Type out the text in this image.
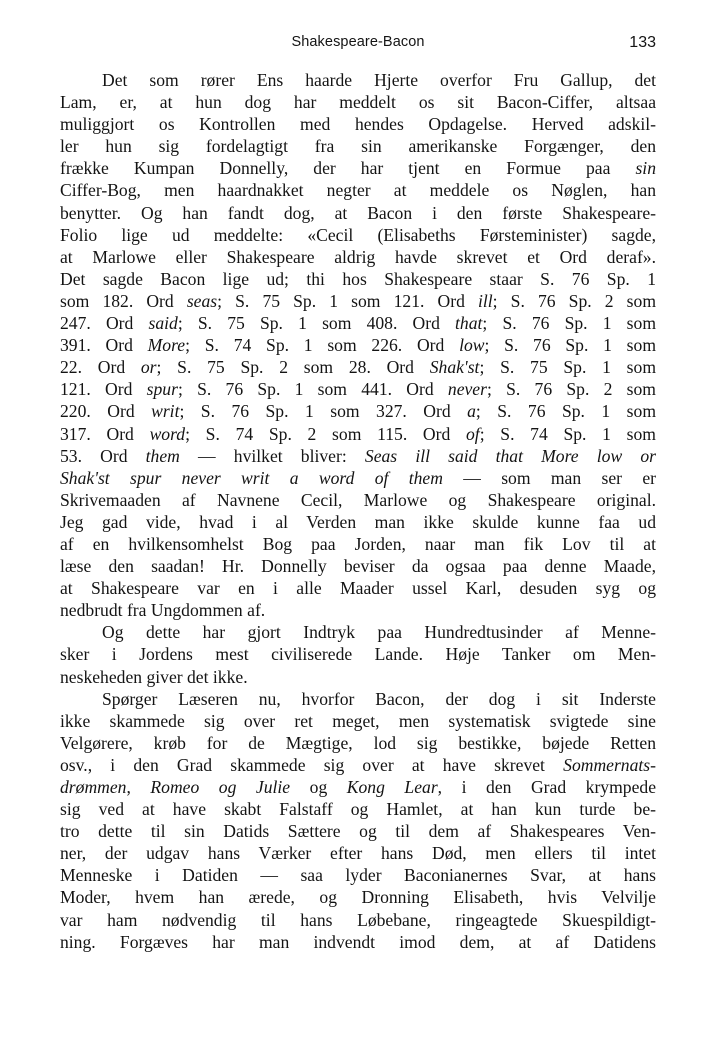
Shakespeare-Bacon	133
Det som rører Ens haarde Hjerte overfor Fru Gallup, det
Lam, er, at hun dog har meddelt os sit Bacon-Ciffer, altsaa
muliggjort os Kontrollen med hendes Opdagelse. Herved adskil-
ler hun sig fordelagtigt fra sin amerikanske Forgænger, den
frække Kumpan Donnelly, der har tjent en Formue paa sin
Ciffer-Bog, men haardnakket negter at meddele os Nøglen, han
benytter. Og han fandt dog, at Bacon i den første Shakespeare-
Folio lige ud meddelte: «Cecil (Elisabeths Førsteminister) sagde,
at Marlowe eller Shakespeare aldrig havde skrevet et Ord deraf».
Det sagde Bacon lige ud; thi hos Shakespeare staar S. 76 Sp. 1
som 182. Ord seas; S. 75 Sp. 1 som 121. Ord ill; S. 76 Sp. 2 som
247. Ord said; S. 75 Sp. 1 som 408. Ord that; S. 76 Sp. 1 som
391. Ord More; S. 74 Sp. 1 som 226. Ord low; S. 76 Sp. 1 som
22. Ord or; S. 75 Sp. 2 som 28. Ord Shak'st; S. 75 Sp. 1 som
121. Ord spur; S. 76 Sp. 1 som 441. Ord never; S. 76 Sp. 2 som
220. Ord writ; S. 76 Sp. 1 som 327. Ord a; S. 76 Sp. 1 som
317. Ord word; S. 74 Sp. 2 som 115. Ord of; S. 74 Sp. 1 som
53. Ord them — hvilket bliver: Seas ill said that More low or
Shak'st spur never writ a word of them — som man ser er
Skrivemaaden af Navnene Cecil, Marlowe og Shakespeare original.
Jeg gad vide, hvad i al Verden man ikke skulde kunne faa ud
af en hvilkensomhelst Bog paa Jorden, naar man fik Lov til at
læse den saadan! Hr. Donnelly beviser da ogsaa paa denne Maade,
at Shakespeare var en i alle Maader ussel Karl, desuden syg og
nedbrudt fra Ungdommen af.
Og dette har gjort Indtryk paa Hundredtusinder af Menne-
sker i Jordens mest civiliserede Lande. Høje Tanker om Men-
neskeheden giver det ikke.
Spørger Læseren nu, hvorfor Bacon, der dog i sit Inderste
ikke skammede sig over ret meget, men systematisk svigtede sine
Velgørere, krøb for de Mægtige, lod sig bestikke, bøjede Retten
osv., i den Grad skammede sig over at have skrevet Sommernats-
drømmen, Romeo og Julie og Kong Lear, i den Grad krympede
sig ved at have skabt Falstaff og Hamlet, at han kun turde be-
tro dette til sin Datids Sættere og til dem af Shakespeares Ven-
ner, der udgav hans Værker efter hans Død, men ellers til intet
Menneske i Datiden — saa lyder Baconianernes Svar, at hans
Moder, hvem han ærede, og Dronning Elisabeth, hvis Velvilje
var ham nødvendig til hans Løbebane, ringeagtede Skuespildigt-
ning. Forgæves har man indvendt imod dem, at af Datidens
